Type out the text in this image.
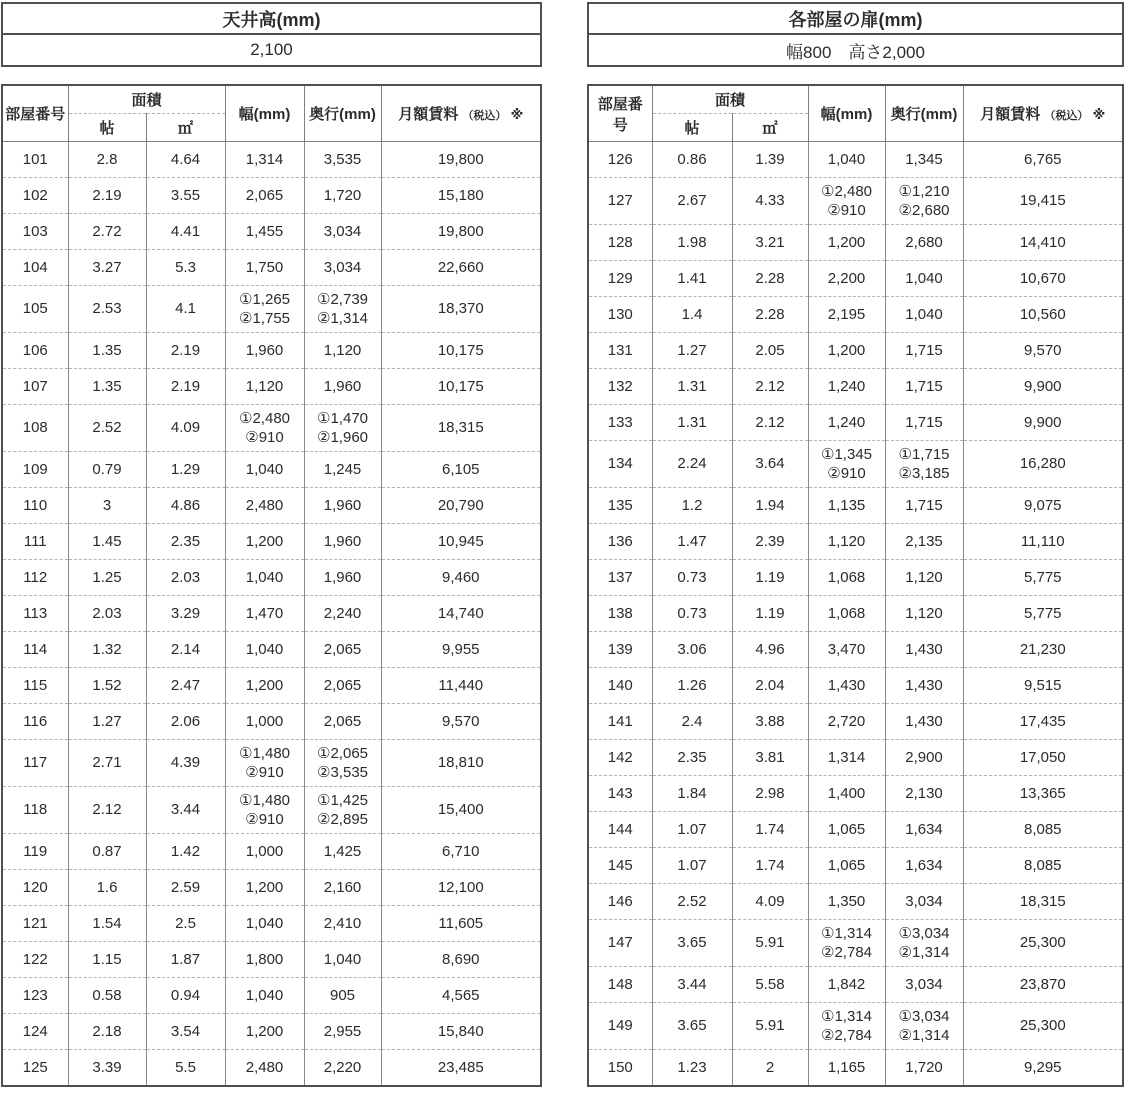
天井高(mm)
2,100
部屋番号	面積		幅(mm)	奥行(mm)	月額賃料 （税込） ※
	帖	㎡			
101	2.8	4.64	1,314	3,535	19,800
102	2.19	3.55	2,065	1,720	15,180
103	2.72	4.41	1,455	3,034	19,800
104	3.27	5.3	1,750	3,034	22,660
105	2.53	4.1	①1,265
②1,755	①2,739
②1,314	18,370
106	1.35	2.19	1,960	1,120	10,175
107	1.35	2.19	1,120	1,960	10,175
108	2.52	4.09	①2,480
②910	①1,470
②1,960	18,315
109	0.79	1.29	1,040	1,245	6,105
110	3	4.86	2,480	1,960	20,790
111	1.45	2.35	1,200	1,960	10,945
112	1.25	2.03	1,040	1,960	9,460
113	2.03	3.29	1,470	2,240	14,740
114	1.32	2.14	1,040	2,065	9,955
115	1.52	2.47	1,200	2,065	11,440
116	1.27	2.06	1,000	2,065	9,570
117	2.71	4.39	①1,480
②910	①2,065
②3,535	18,810
118	2.12	3.44	①1,480
②910	①1,425
②2,895	15,400
119	0.87	1.42	1,000	1,425	6,710
120	1.6	2.59	1,200	2,160	12,100
121	1.54	2.5	1,040	2,410	11,605
122	1.15	1.87	1,800	1,040	8,690
123	0.58	0.94	1,040	905	4,565
124	2.18	3.54	1,200	2,955	15,840
125	3.39	5.5	2,480	2,220	23,485
各部屋の扉(mm)
幅800　高さ2,000
部屋番号	面積		幅(mm)	奥行(mm)	月額賃料 （税込） ※
	帖	㎡			
126	0.86	1.39	1,040	1,345	6,765
127	2.67	4.33	①2,480
②910	①1,210
②2,680	19,415
128	1.98	3.21	1,200	2,680	14,410
129	1.41	2.28	2,200	1,040	10,670
130	1.4	2.28	2,195	1,040	10,560
131	1.27	2.05	1,200	1,715	9,570
132	1.31	2.12	1,240	1,715	9,900
133	1.31	2.12	1,240	1,715	9,900
134	2.24	3.64	①1,345
②910	①1,715
②3,185	16,280
135	1.2	1.94	1,135	1,715	9,075
136	1.47	2.39	1,120	2,135	11,110
137	0.73	1.19	1,068	1,120	5,775
138	0.73	1.19	1,068	1,120	5,775
139	3.06	4.96	3,470	1,430	21,230
140	1.26	2.04	1,430	1,430	9,515
141	2.4	3.88	2,720	1,430	17,435
142	2.35	3.81	1,314	2,900	17,050
143	1.84	2.98	1,400	2,130	13,365
144	1.07	1.74	1,065	1,634	8,085
145	1.07	1.74	1,065	1,634	8,085
146	2.52	4.09	1,350	3,034	18,315
147	3.65	5.91	①1,314
②2,784	①3,034
②1,314	25,300
148	3.44	5.58	1,842	3,034	23,870
149	3.65	5.91	①1,314
②2,784	①3,034
②1,314	25,300
150	1.23	2	1,165	1,720	9,295
